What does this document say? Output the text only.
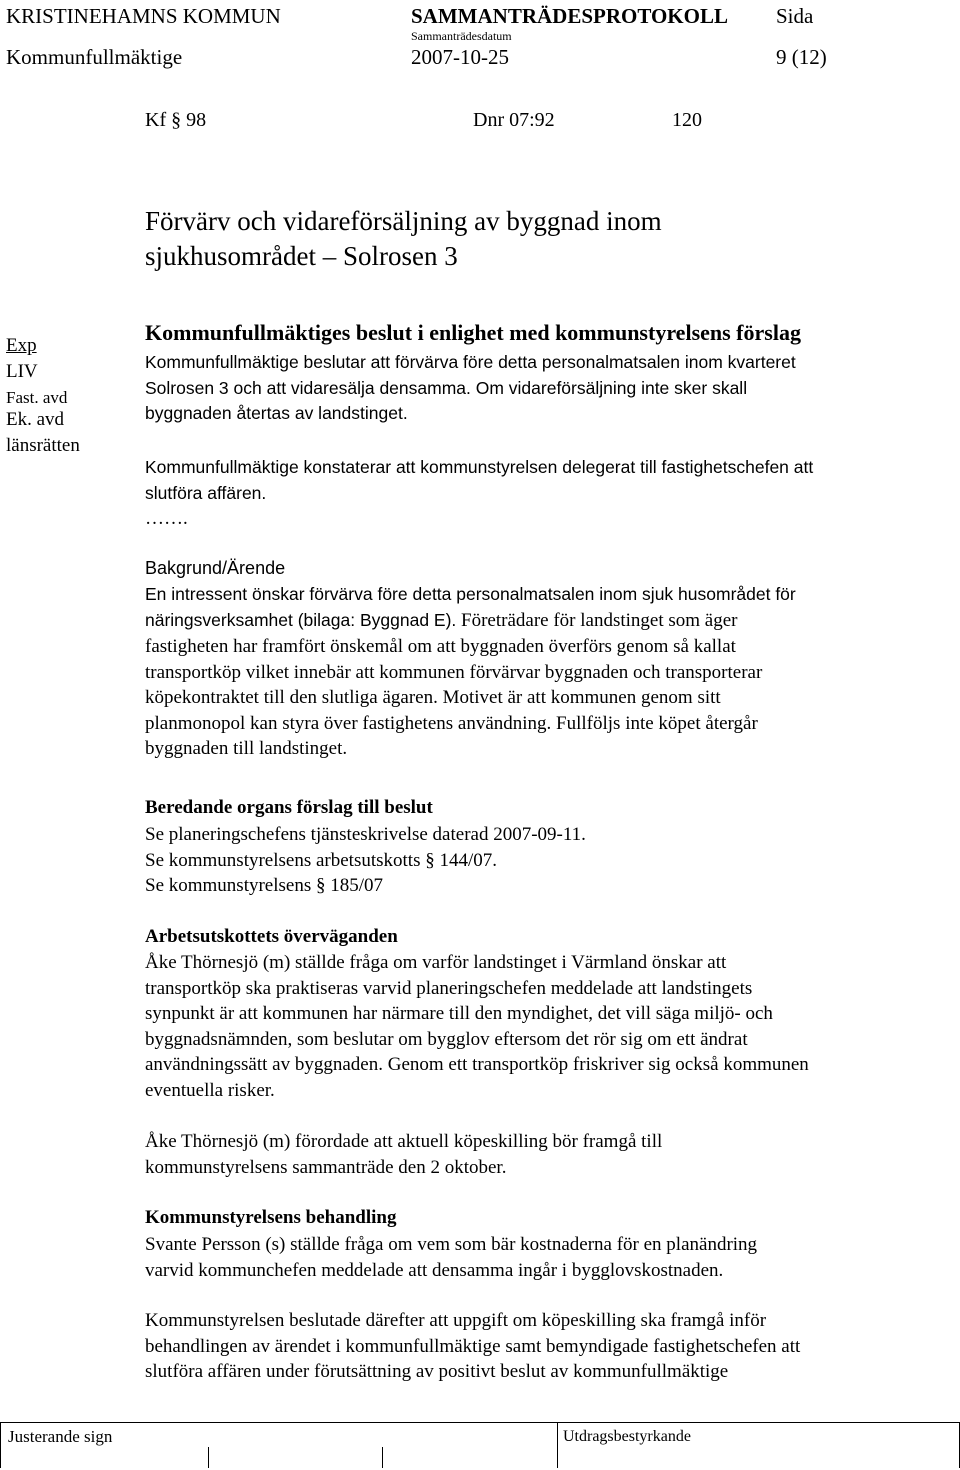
KRISTINEHAMNS KOMMUN	SAMMANTRÄDESPROTOKOLL Sida
Sammanträdesdatum
Kommunfullmäktige	2007-10-25	9 (12)
Kf § 98	Dnr 07:92	120
Förvärv och vidareförsäljning av byggnad inom
sjukhusområdet – Solrosen 3
Exp
LIV
Fast. avd
Ek. avd
länsrätten
Kommunfullmäktiges beslut i enlighet med kommunstyrelsens förslag
Kommunfullmäktige beslutar att förvärva före detta personalmatsalen inom kvarteret
Solrosen 3 och att vidaresälja densamma. Om vidareförsäljning inte sker skall
byggnaden återtas av landstinget.
Kommunfullmäktige konstaterar att kommunstyrelsen delegerat till fastighetschefen att
slutföra affären.
…….
Bakgrund/Ärende
En intressent önskar förvärva före detta personalmatsalen inom sjuk husområdet för
näringsverksamhet (bilaga: Byggnad E). Företrädare för landstinget som äger
fastigheten har framfört önskemål om att byggnaden överförs genom så kallat
transportköp vilket innebär att kommunen förvärvar byggnaden och transporterar
köpekontraktet till den slutliga ägaren. Motivet är att kommunen genom sitt
planmonopol kan styra över fastighetens användning. Fullföljs inte köpet återgår
byggnaden till landstinget.
Beredande organs förslag till beslut
Se planeringschefens tjänsteskrivelse daterad 2007-09-11.
Se kommunstyrelsens arbetsutskotts § 144/07.
Se kommunstyrelsens § 185/07
Arbetsutskottets överväganden
Åke Thörnesjö (m) ställde fråga om varför landstinget i Värmland önskar att
transportköp ska praktiseras varvid planeringschefen meddelade att landstingets
synpunkt är att kommunen har närmare till den myndighet, det vill säga miljö- och
byggnadsnämnden, som beslutar om bygglov eftersom det rör sig om ett ändrat
användningssätt av byggnaden. Genom ett transportköp friskriver sig också kommunen
eventuella risker.
Åke Thörnesjö (m) förordade att aktuell köpeskilling bör framgå till
kommunstyrelsens sammanträde den 2 oktober.
Kommunstyrelsens behandling
Svante Persson (s) ställde fråga om vem som bär kostnaderna för en planändring
varvid kommunchefen meddelade att densamma ingår i bygglovskostnaden.
Kommunstyrelsen beslutade därefter att uppgift om köpeskilling ska framgå inför
behandlingen av ärendet i kommunfullmäktige samt bemyndigade fastighetschefen att
slutföra affären under förutsättning av positivt beslut av kommunfullmäktige
Justerande sign	Utdragsbestyrkande
